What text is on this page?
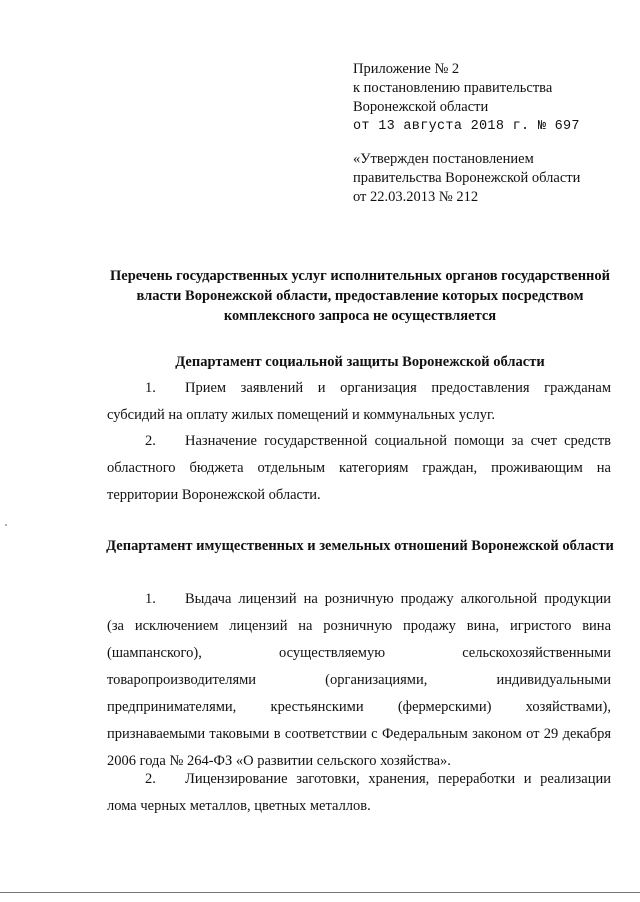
Приложение № 2
к постановлению правительства
Воронежской области
от 13 августа 2018 г. № 697
«Утвержден постановлением
правительства Воронежской области
от 22.03.2013 № 212
Перечень государственных услуг исполнительных органов государственной власти Воронежской области, предоставление которых посредством комплексного запроса не осуществляется
Департамент социальной защиты Воронежской области
1. Прием заявлений и организация предоставления гражданам субсидий на оплату жилых помещений и коммунальных услуг.
2. Назначение государственной социальной помощи за счет средств областного бюджета отдельным категориям граждан, проживающим на территории Воронежской области.
Департамент имущественных и земельных отношений Воронежской области
1. Выдача лицензий на розничную продажу алкогольной продукции (за исключением лицензий на розничную продажу вина, игристого вина (шампанского), осуществляемую сельскохозяйственными товаропроизводителями (организациями, индивидуальными предпринимателями, крестьянскими (фермерскими) хозяйствами), признаваемыми таковыми в соответствии с Федеральным законом от 29 декабря 2006 года № 264-ФЗ «О развитии сельского хозяйства».
2. Лицензирование заготовки, хранения, переработки и реализации лома черных металлов, цветных металлов.
